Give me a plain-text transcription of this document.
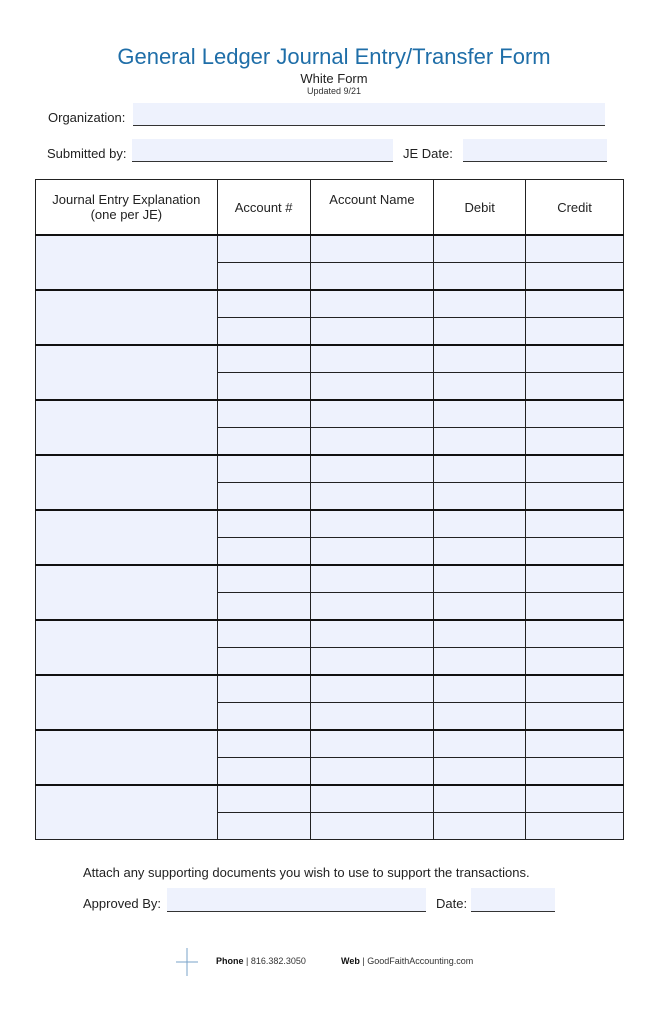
General Ledger Journal Entry/Transfer Form
White Form
Updated 9/21
Organization:
Submitted by:	JE Date:
Journal Entry Explanation
(one per JE)	Account #	Account Name	Debit	Credit

Attach any supporting documents you wish to use to support the transactions.
Approved By:	Date:
Phone | 816.382.3050	Web | GoodFaithAccounting.com
